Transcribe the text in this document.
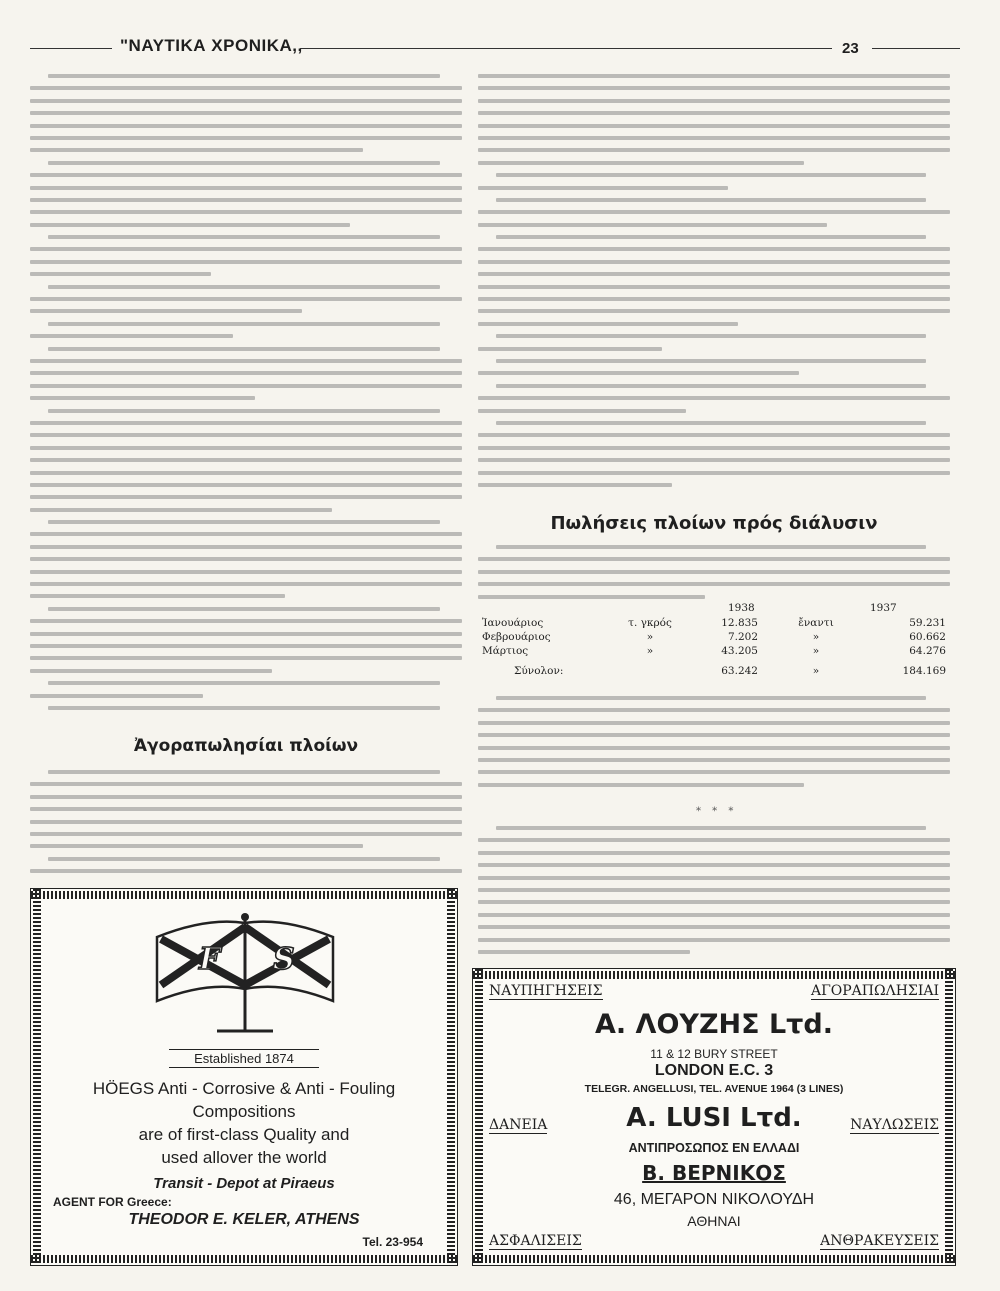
"ΝΑΥΤΙΚΑ ΧΡΟΝΙΚΑ,,	23
Ἀγοραπωλησίαι πλοίων
Πωλήσεις πλοίων πρός διάλυσιν
1938	1937
Ἰανουάριος	τ. γκρός	12.835	ἔναντι	59.231
Φεβρουάριος	»	7.202	»	60.662
Μάρτιος	»	43.205	»	64.276

Σύνολον:		63.242	»	184.169
* * *
F S
Established 1874
HÖEGS Anti - Corrosive & Anti - Fouling
Compositions
are of first-class Quality and
used allover the world
Transit - Depot at Piraeus
AGENT FOR Greece:
THEODOR E. KELER, ATHENS
Tel. 23-954
ΝΑΥΠΗΓΗΣΕΙΣ	ΑΓΟΡΑΠΩΛΗΣΙΑΙ
Α. ΛΟΥΖΗΣ Lτd.
11 & 12 BURY STREET
LONDON E.C. 3
TELEGR. ANGELLUSI, TEL. AVENUE 1964 (3 LINES)
ΔΑΝΕΙΑ	A. LUSI Lτd.	ΝΑΥΛΩΣΕΙΣ
ΑΝΤΙΠΡΟΣΩΠΟΣ ΕΝ ΕΛΛΑΔΙ
Β. ΒΕΡΝΙΚΟΣ
46, ΜΕΓΑΡΟΝ ΝΙΚΟΛΟΥΔΗ
ΑΘΗΝΑΙ
ΑΣΦΑΛΙΣΕΙΣ	ΑΝΘΡΑΚΕΥΣΕΙΣ
